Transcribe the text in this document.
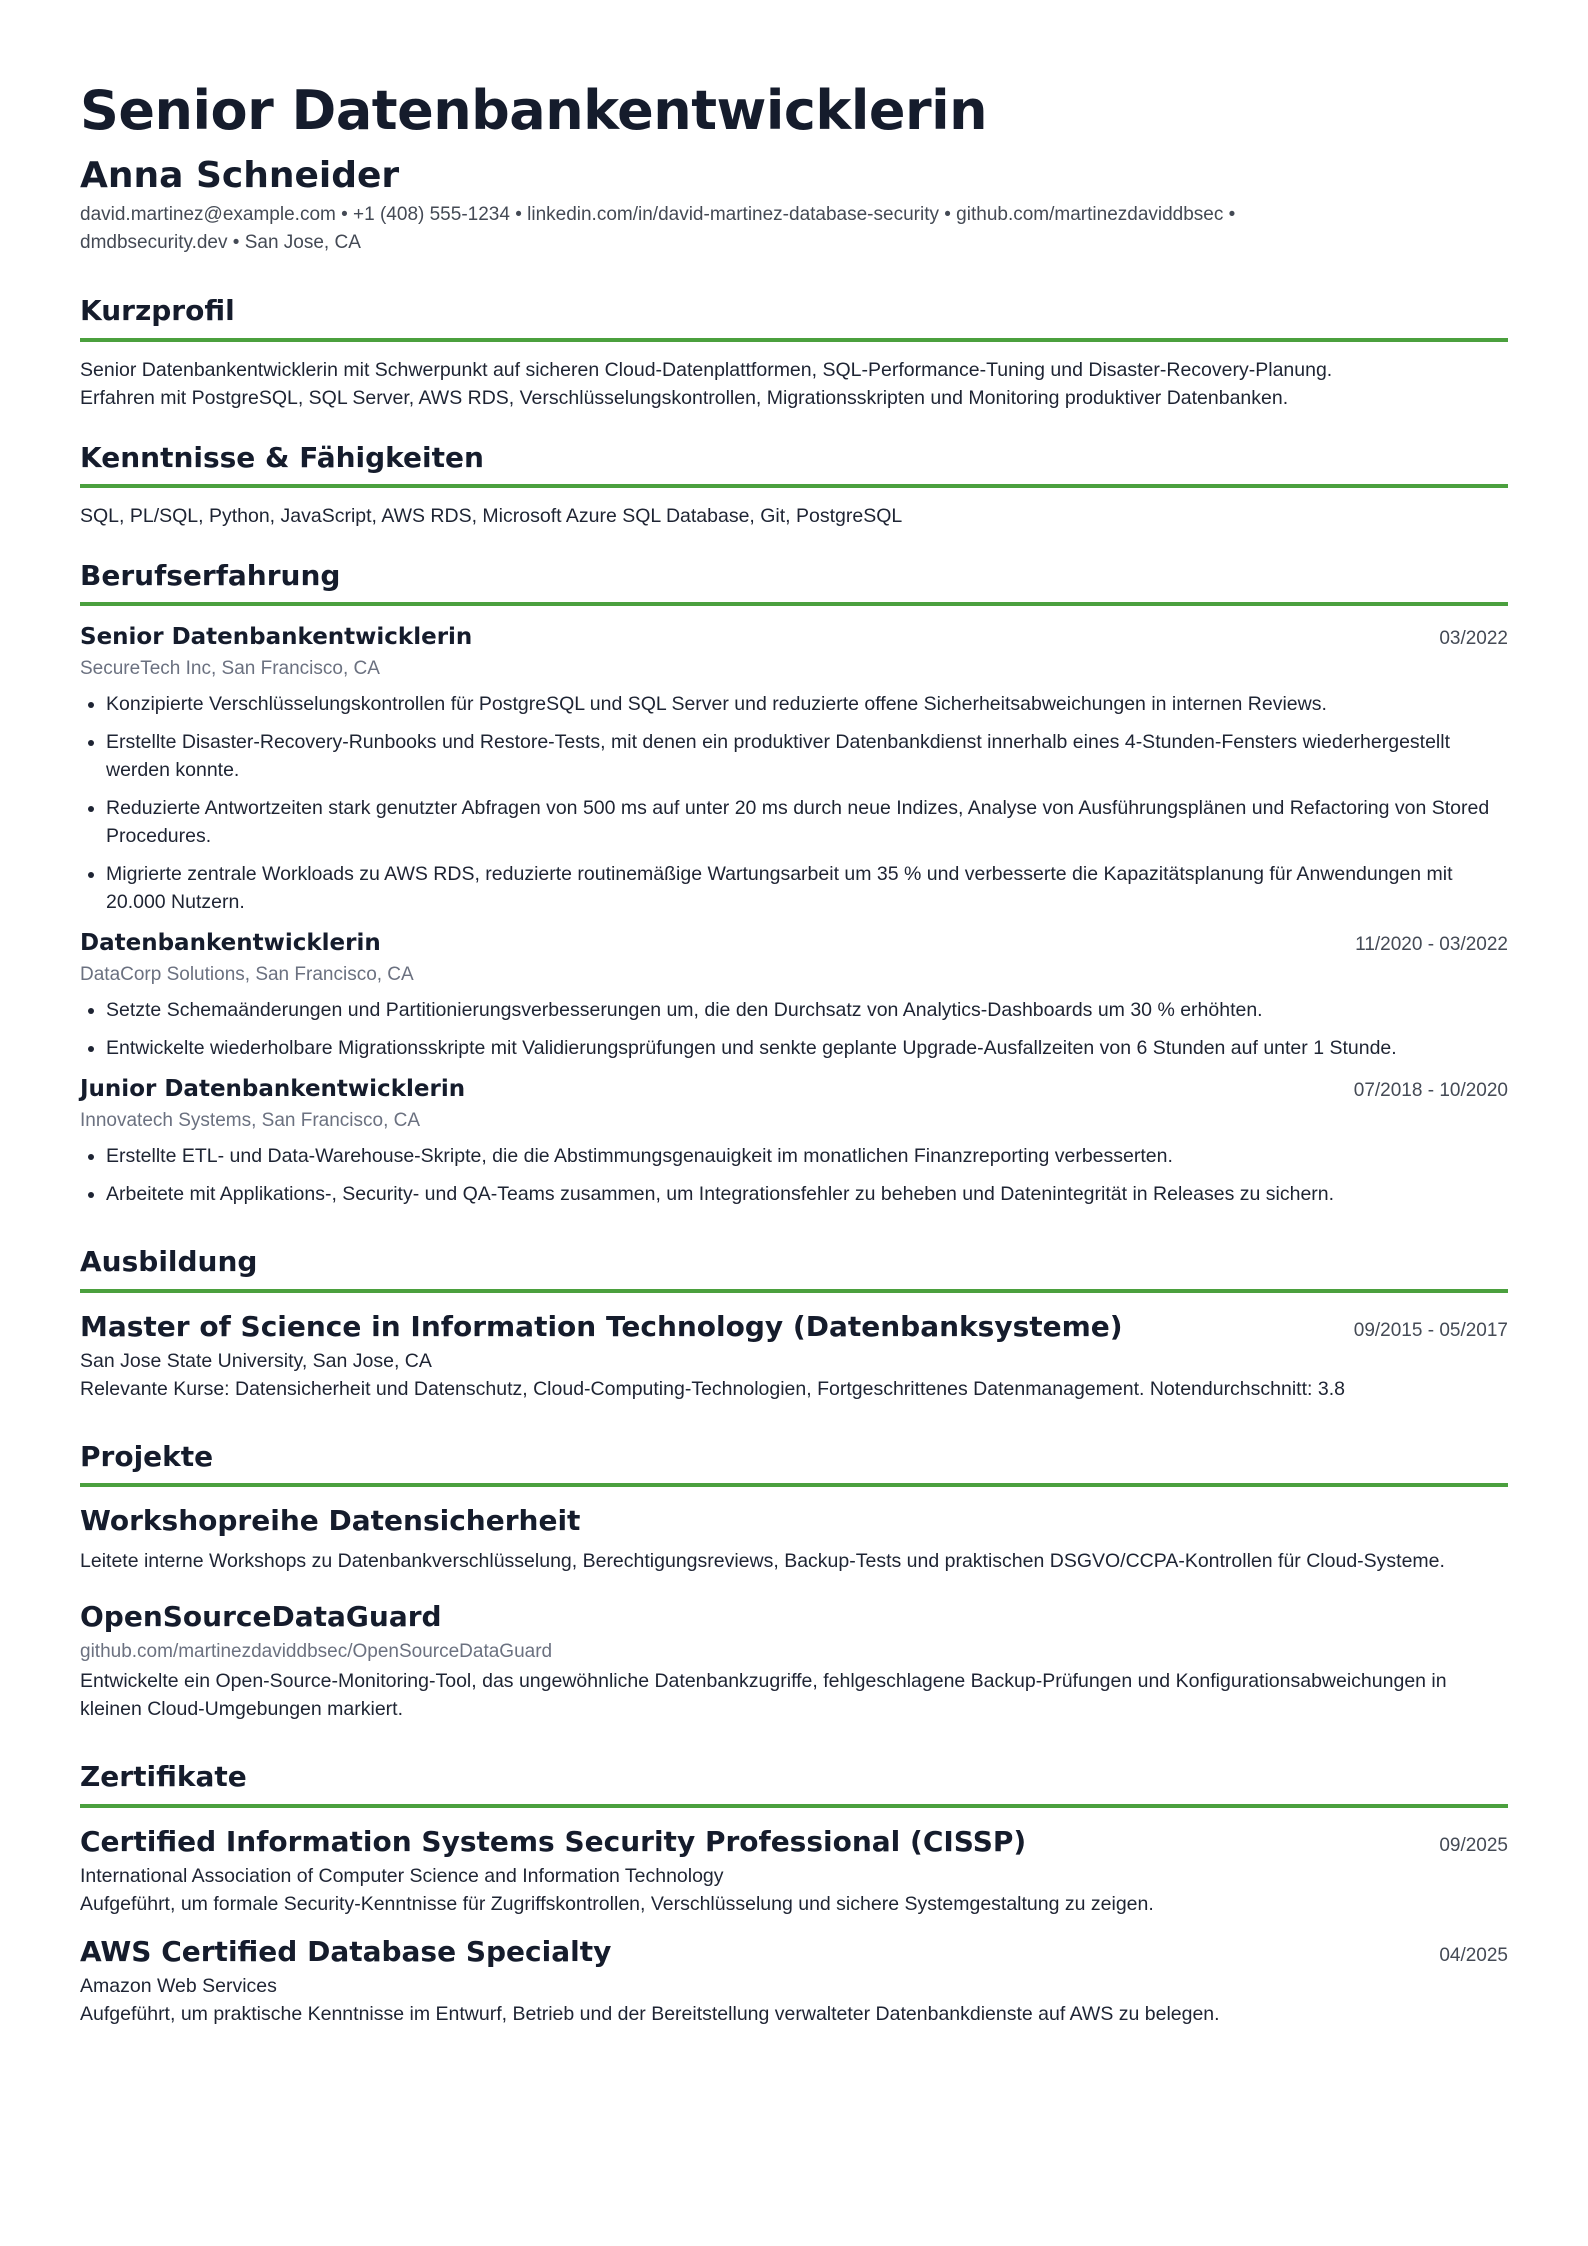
Senior Datenbankentwicklerin
Anna Schneider
david.martinez@example.com • +1 (408) 555-1234 • linkedin.com/in/david-martinez-database-security • github.com/martinezdaviddbsec •
dmdbsecurity.dev • San Jose, CA
Kurzprofil
Senior Datenbankentwicklerin mit Schwerpunkt auf sicheren Cloud-Datenplattformen, SQL-Performance-Tuning und Disaster-Recovery-Planung.
Erfahren mit PostgreSQL, SQL Server, AWS RDS, Verschlüsselungskontrollen, Migrationsskripten und Monitoring produktiver Datenbanken.
Kenntnisse & Fähigkeiten
SQL, PL/SQL, Python, JavaScript, AWS RDS, Microsoft Azure SQL Database, Git, PostgreSQL
Berufserfahrung
Senior Datenbankentwicklerin	03/2022
SecureTech Inc, San Francisco, CA
• Konzipierte Verschlüsselungskontrollen für PostgreSQL und SQL Server und reduzierte offene Sicherheitsabweichungen in internen Reviews.
• Erstellte Disaster-Recovery-Runbooks und Restore-Tests, mit denen ein produktiver Datenbankdienst innerhalb eines 4-Stunden-Fensters wiederhergestellt werden konnte.
• Reduzierte Antwortzeiten stark genutzter Abfragen von 500 ms auf unter 20 ms durch neue Indizes, Analyse von Ausführungsplänen und Refactoring von Stored Procedures.
• Migrierte zentrale Workloads zu AWS RDS, reduzierte routinemäßige Wartungsarbeit um 35 % und verbesserte die Kapazitätsplanung für Anwendungen mit 20.000 Nutzern.
Datenbankentwicklerin	11/2020 - 03/2022
DataCorp Solutions, San Francisco, CA
• Setzte Schemaänderungen und Partitionierungsverbesserungen um, die den Durchsatz von Analytics-Dashboards um 30 % erhöhten.
• Entwickelte wiederholbare Migrationsskripte mit Validierungsprüfungen und senkte geplante Upgrade-Ausfallzeiten von 6 Stunden auf unter 1 Stunde.
Junior Datenbankentwicklerin	07/2018 - 10/2020
Innovatech Systems, San Francisco, CA
• Erstellte ETL- und Data-Warehouse-Skripte, die die Abstimmungsgenauigkeit im monatlichen Finanzreporting verbesserten.
• Arbeitete mit Applikations-, Security- und QA-Teams zusammen, um Integrationsfehler zu beheben und Datenintegrität in Releases zu sichern.
Ausbildung
Master of Science in Information Technology (Datenbanksysteme)	09/2015 - 05/2017
San Jose State University, San Jose, CA
Relevante Kurse: Datensicherheit und Datenschutz, Cloud-Computing-Technologien, Fortgeschrittenes Datenmanagement. Notendurchschnitt: 3.8
Projekte
Workshopreihe Datensicherheit
Leitete interne Workshops zu Datenbankverschlüsselung, Berechtigungsreviews, Backup-Tests und praktischen DSGVO/CCPA-Kontrollen für Cloud-Systeme.
OpenSourceDataGuard
github.com/martinezdaviddbsec/OpenSourceDataGuard
Entwickelte ein Open-Source-Monitoring-Tool, das ungewöhnliche Datenbankzugriffe, fehlgeschlagene Backup-Prüfungen und Konfigurationsabweichungen in kleinen Cloud-Umgebungen markiert.
Zertifikate
Certified Information Systems Security Professional (CISSP)	09/2025
International Association of Computer Science and Information Technology
Aufgeführt, um formale Security-Kenntnisse für Zugriffskontrollen, Verschlüsselung und sichere Systemgestaltung zu zeigen.
AWS Certified Database Specialty	04/2025
Amazon Web Services
Aufgeführt, um praktische Kenntnisse im Entwurf, Betrieb und der Bereitstellung verwalteter Datenbankdienste auf AWS zu belegen.
